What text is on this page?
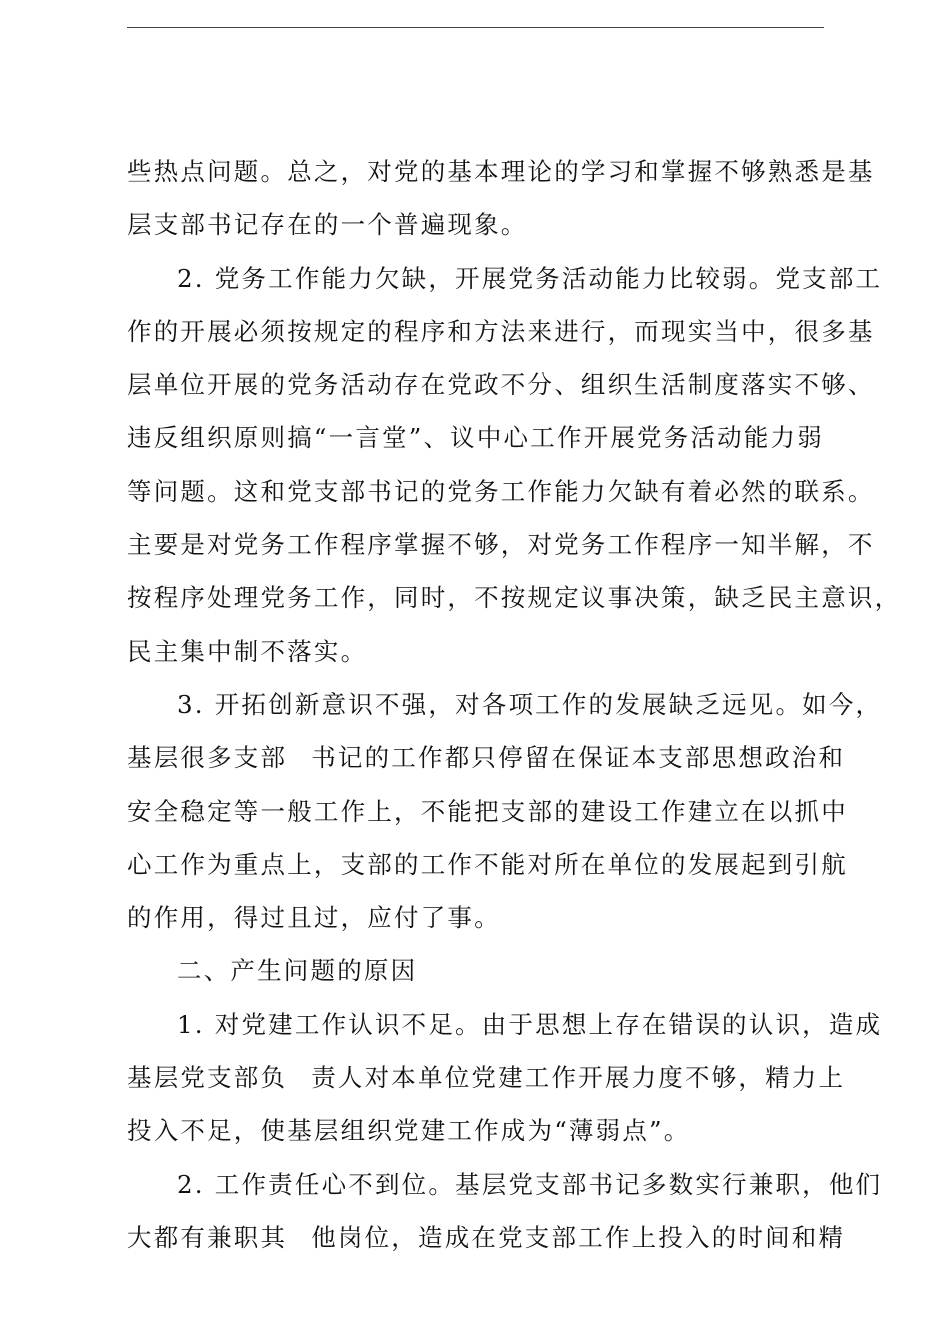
些热点问题。总之，对党的基本理论的学习和掌握不够熟悉是基
层支部书记存在的一个普遍现象。
2. 党务工作能力欠缺，开展党务活动能力比较弱。党支部工
作的开展必须按规定的程序和方法来进行，而现实当中，很多基
层单位开展的党务活动存在党政不分、组织生活制度落实不够、
违反组织原则搞“一言堂”、议中心工作开展党务活动能力弱
等问题。这和党支部书记的党务工作能力欠缺有着必然的联系。
主要是对党务工作程序掌握不够，对党务工作程序一知半解，不
按程序处理党务工作，同时，不按规定议事决策，缺乏民主意识，
民主集中制不落实。
3. 开拓创新意识不强，对各项工作的发展缺乏远见。如今，
基层很多支部 书记的工作都只停留在保证本支部思想政治和
安全稳定等一般工作上，不能把支部的建设工作建立在以抓中
心工作为重点上，支部的工作不能对所在单位的发展起到引航
的作用，得过且过，应付了事。
二、产生问题的原因
1. 对党建工作认识不足。由于思想上存在错误的认识，造成
基层党支部负 责人对本单位党建工作开展力度不够，精力上
投入不足，使基层组织党建工作成为“薄弱点”。
2. 工作责任心不到位。基层党支部书记多数实行兼职，他们
大都有兼职其 他岗位，造成在党支部工作上投入的时间和精
